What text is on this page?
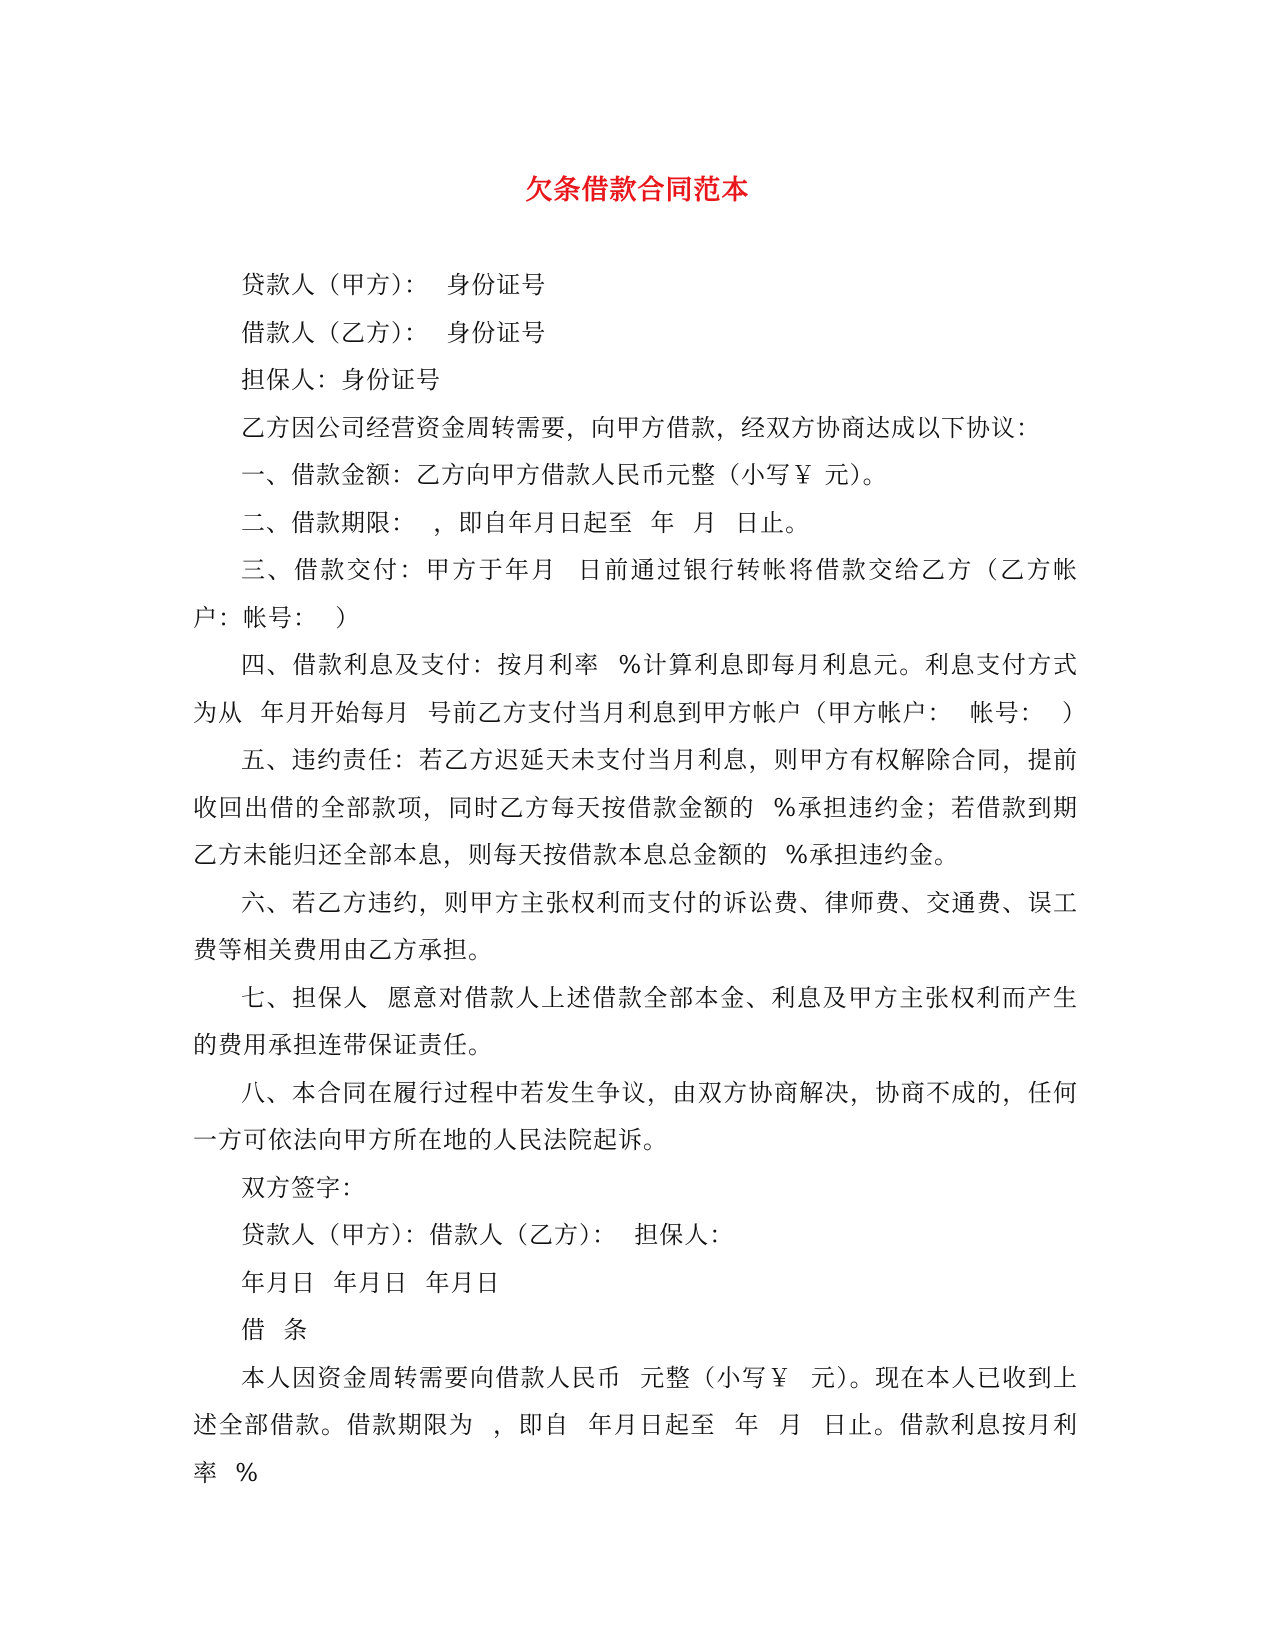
欠条借款合同范本

贷款人（甲方）：  身份证号

借款人（乙方）：  身份证号

担保人：身份证号

乙方因公司经营资金周转需要，向甲方借款，经双方协商达成以下协议：

一、借款金额：乙方向甲方借款人民币元整（小写￥ 元）。

二、借款期限：  ，即自年月日起至  年  月  日止。

三、借款交付：甲方于年月  日前通过银行转帐将借款交给乙方（乙方帐户：帐号：  ）

四、借款利息及支付：按月利率  %计算利息即每月利息元。利息支付方式为从  年月开始每月  号前乙方支付当月利息到甲方帐户（甲方帐户：  帐号：  ）

五、违约责任：若乙方迟延天未支付当月利息，则甲方有权解除合同，提前收回出借的全部款项，同时乙方每天按借款金额的  %承担违约金；若借款到期乙方未能归还全部本息，则每天按借款本息总金额的  %承担违约金。

六、若乙方违约，则甲方主张权利而支付的诉讼费、律师费、交通费、误工费等相关费用由乙方承担。

七、担保人  愿意对借款人上述借款全部本金、利息及甲方主张权利而产生的费用承担连带保证责任。

八、本合同在履行过程中若发生争议，由双方协商解决，协商不成的，任何一方可依法向甲方所在地的人民法院起诉。

双方签字：

贷款人（甲方）：借款人（乙方）：  担保人：

年月日  年月日  年月日

借  条

本人因资金周转需要向借款人民币  元整（小写￥  元）。现在本人已收到上述全部借款。借款期限为  ，即自  年月日起至  年  月  日止。借款利息按月利率  %
